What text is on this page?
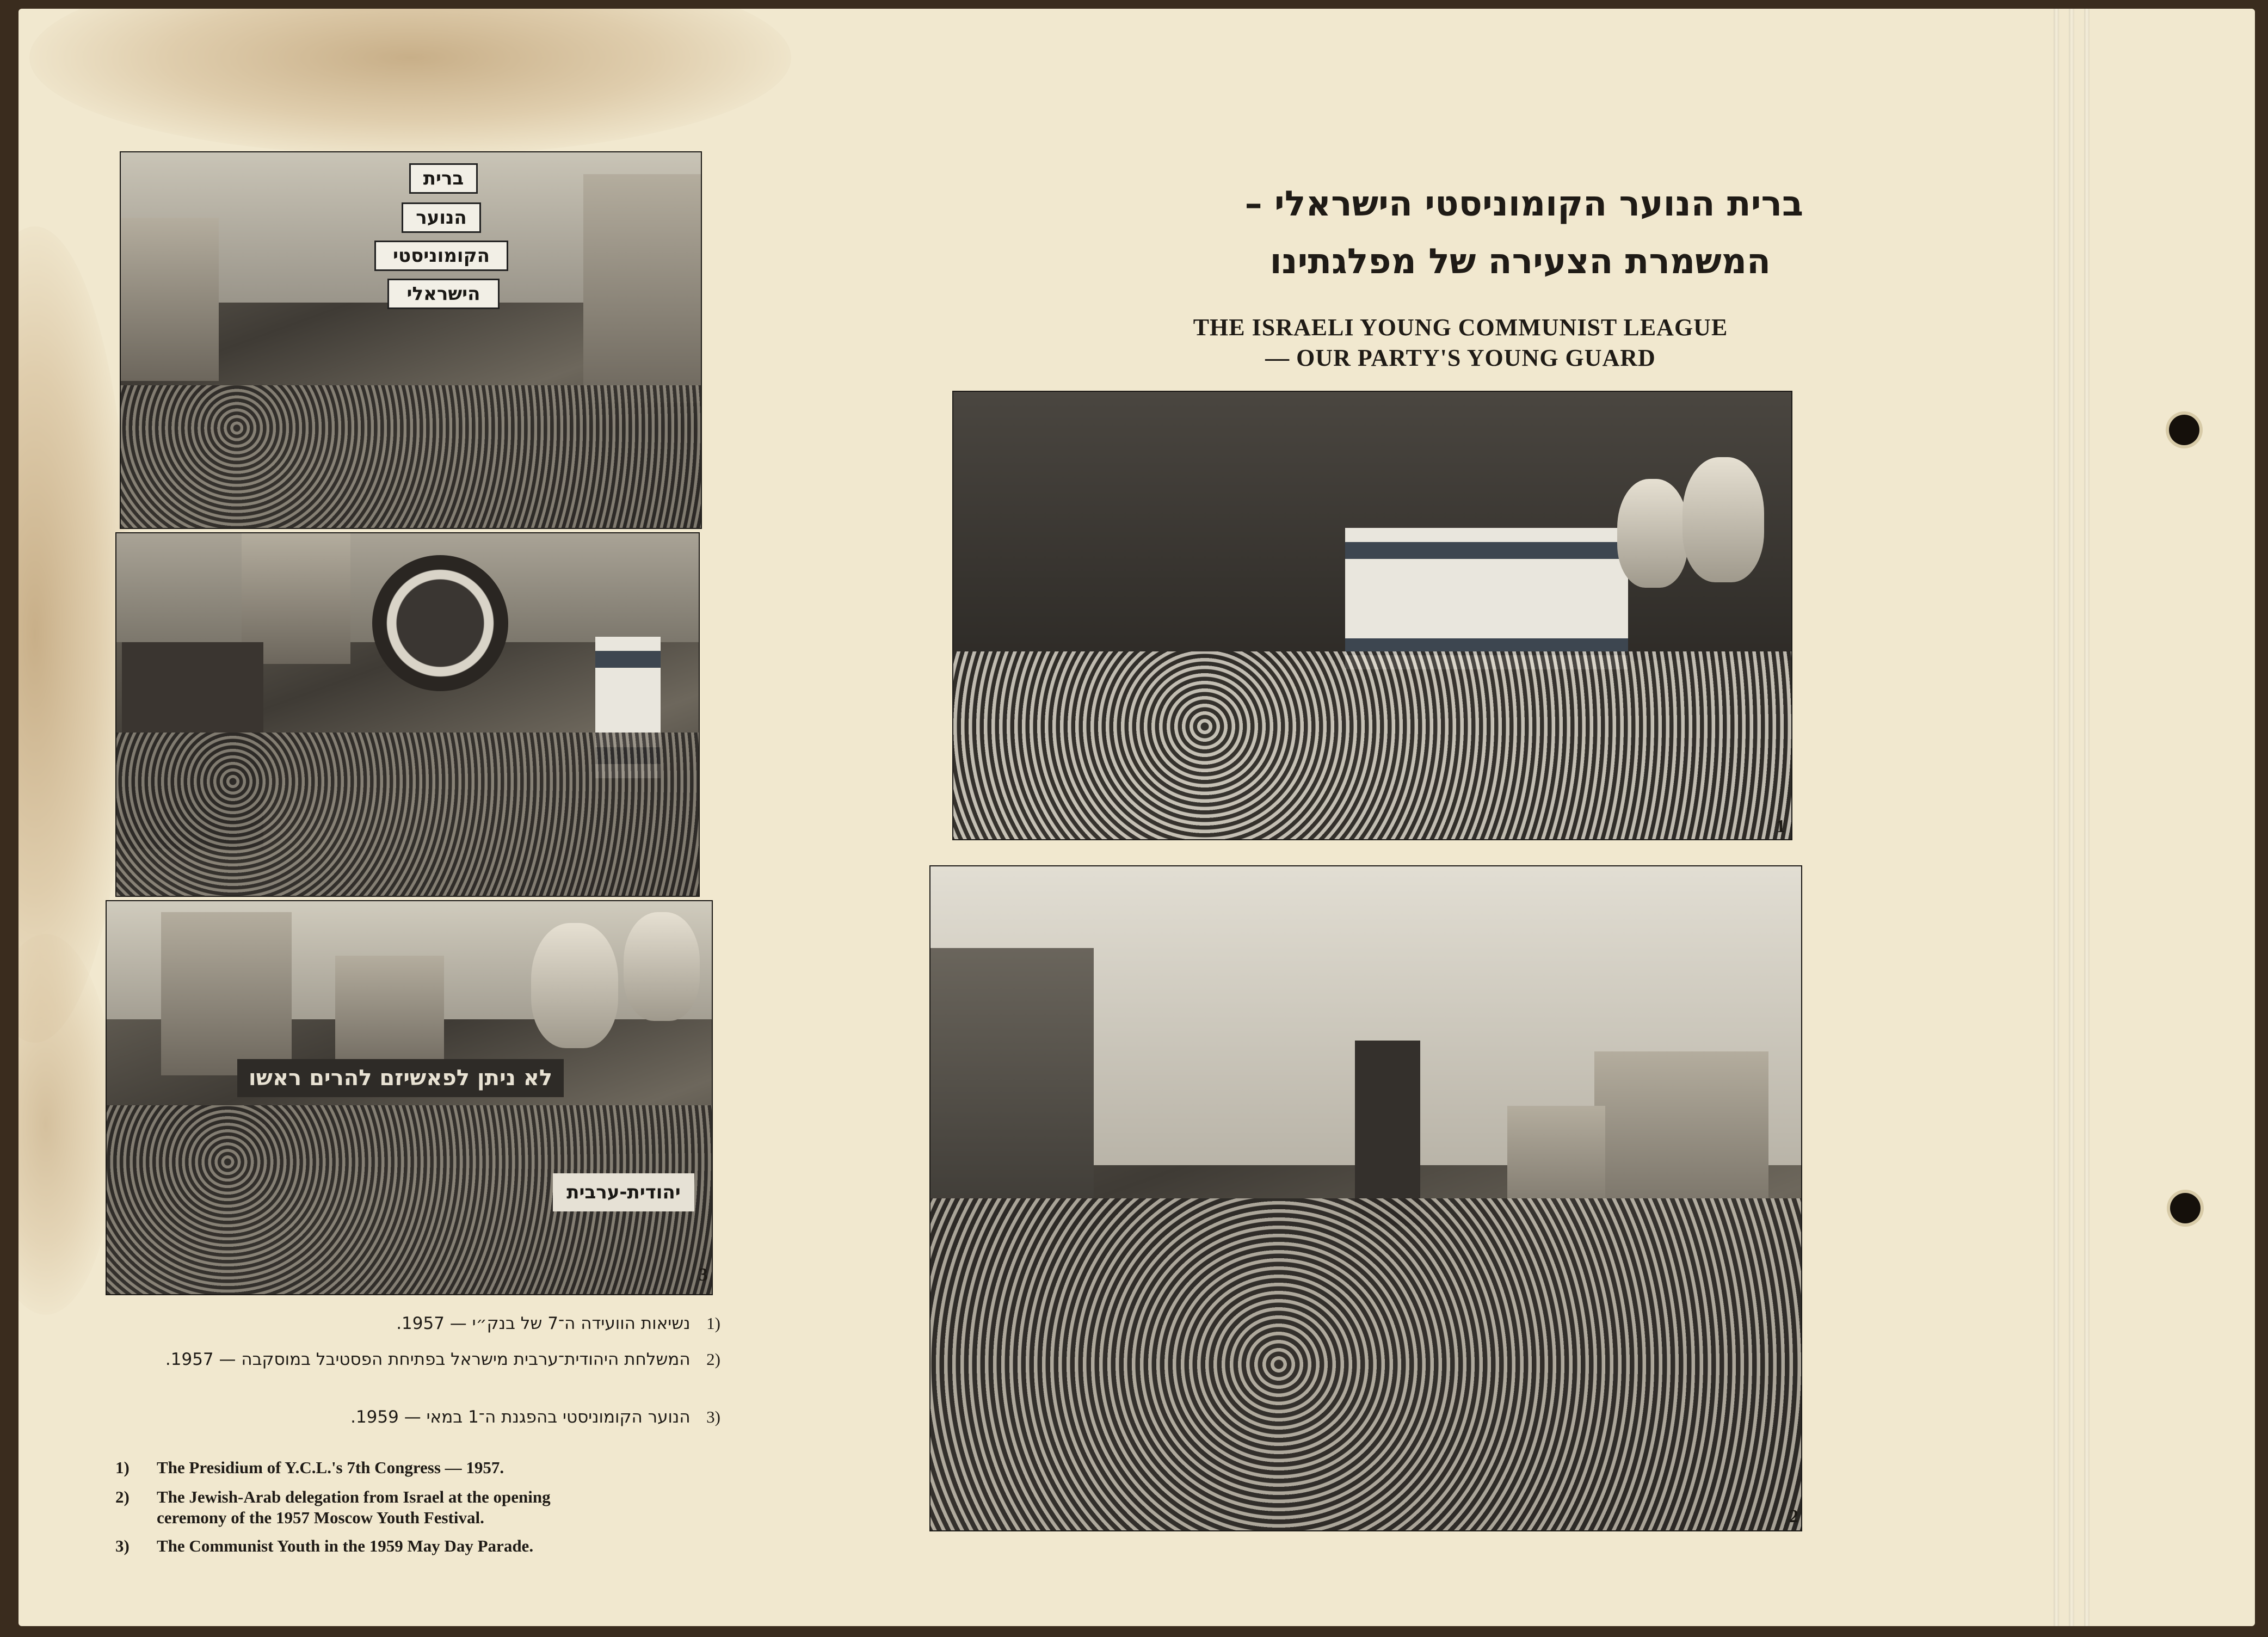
ברית
הנוער
הקומוניסטי
הישראלי
לא ניתן לפאשיזם להרים ראשו
יהודית-ערבית
3
(1   נשיאות הוועידה ה־7 של בנק״י — 1957.
(2   המשלחת היהודית־ערבית מישראל בפתיחת הפסטיבל במוסקבה — 1957.
(3   הנוער הקומוניסטי בהפגנת ה־1 במאי — 1959.
1) The Presidium of Y.C.L.'s 7th Congress — 1957.
2) The Jewish-Arab delegation from Israel at the opening
ceremony of the 1957 Moscow Youth Festival.
3) The Communist Youth in the 1959 May Day Parade.
ברית הנוער הקומוניסטי הישראלי –
המשמרת הצעירה של מפלגתינו
THE ISRAELI YOUNG COMMUNIST LEAGUE
— OUR PARTY'S YOUNG GUARD
1
2
